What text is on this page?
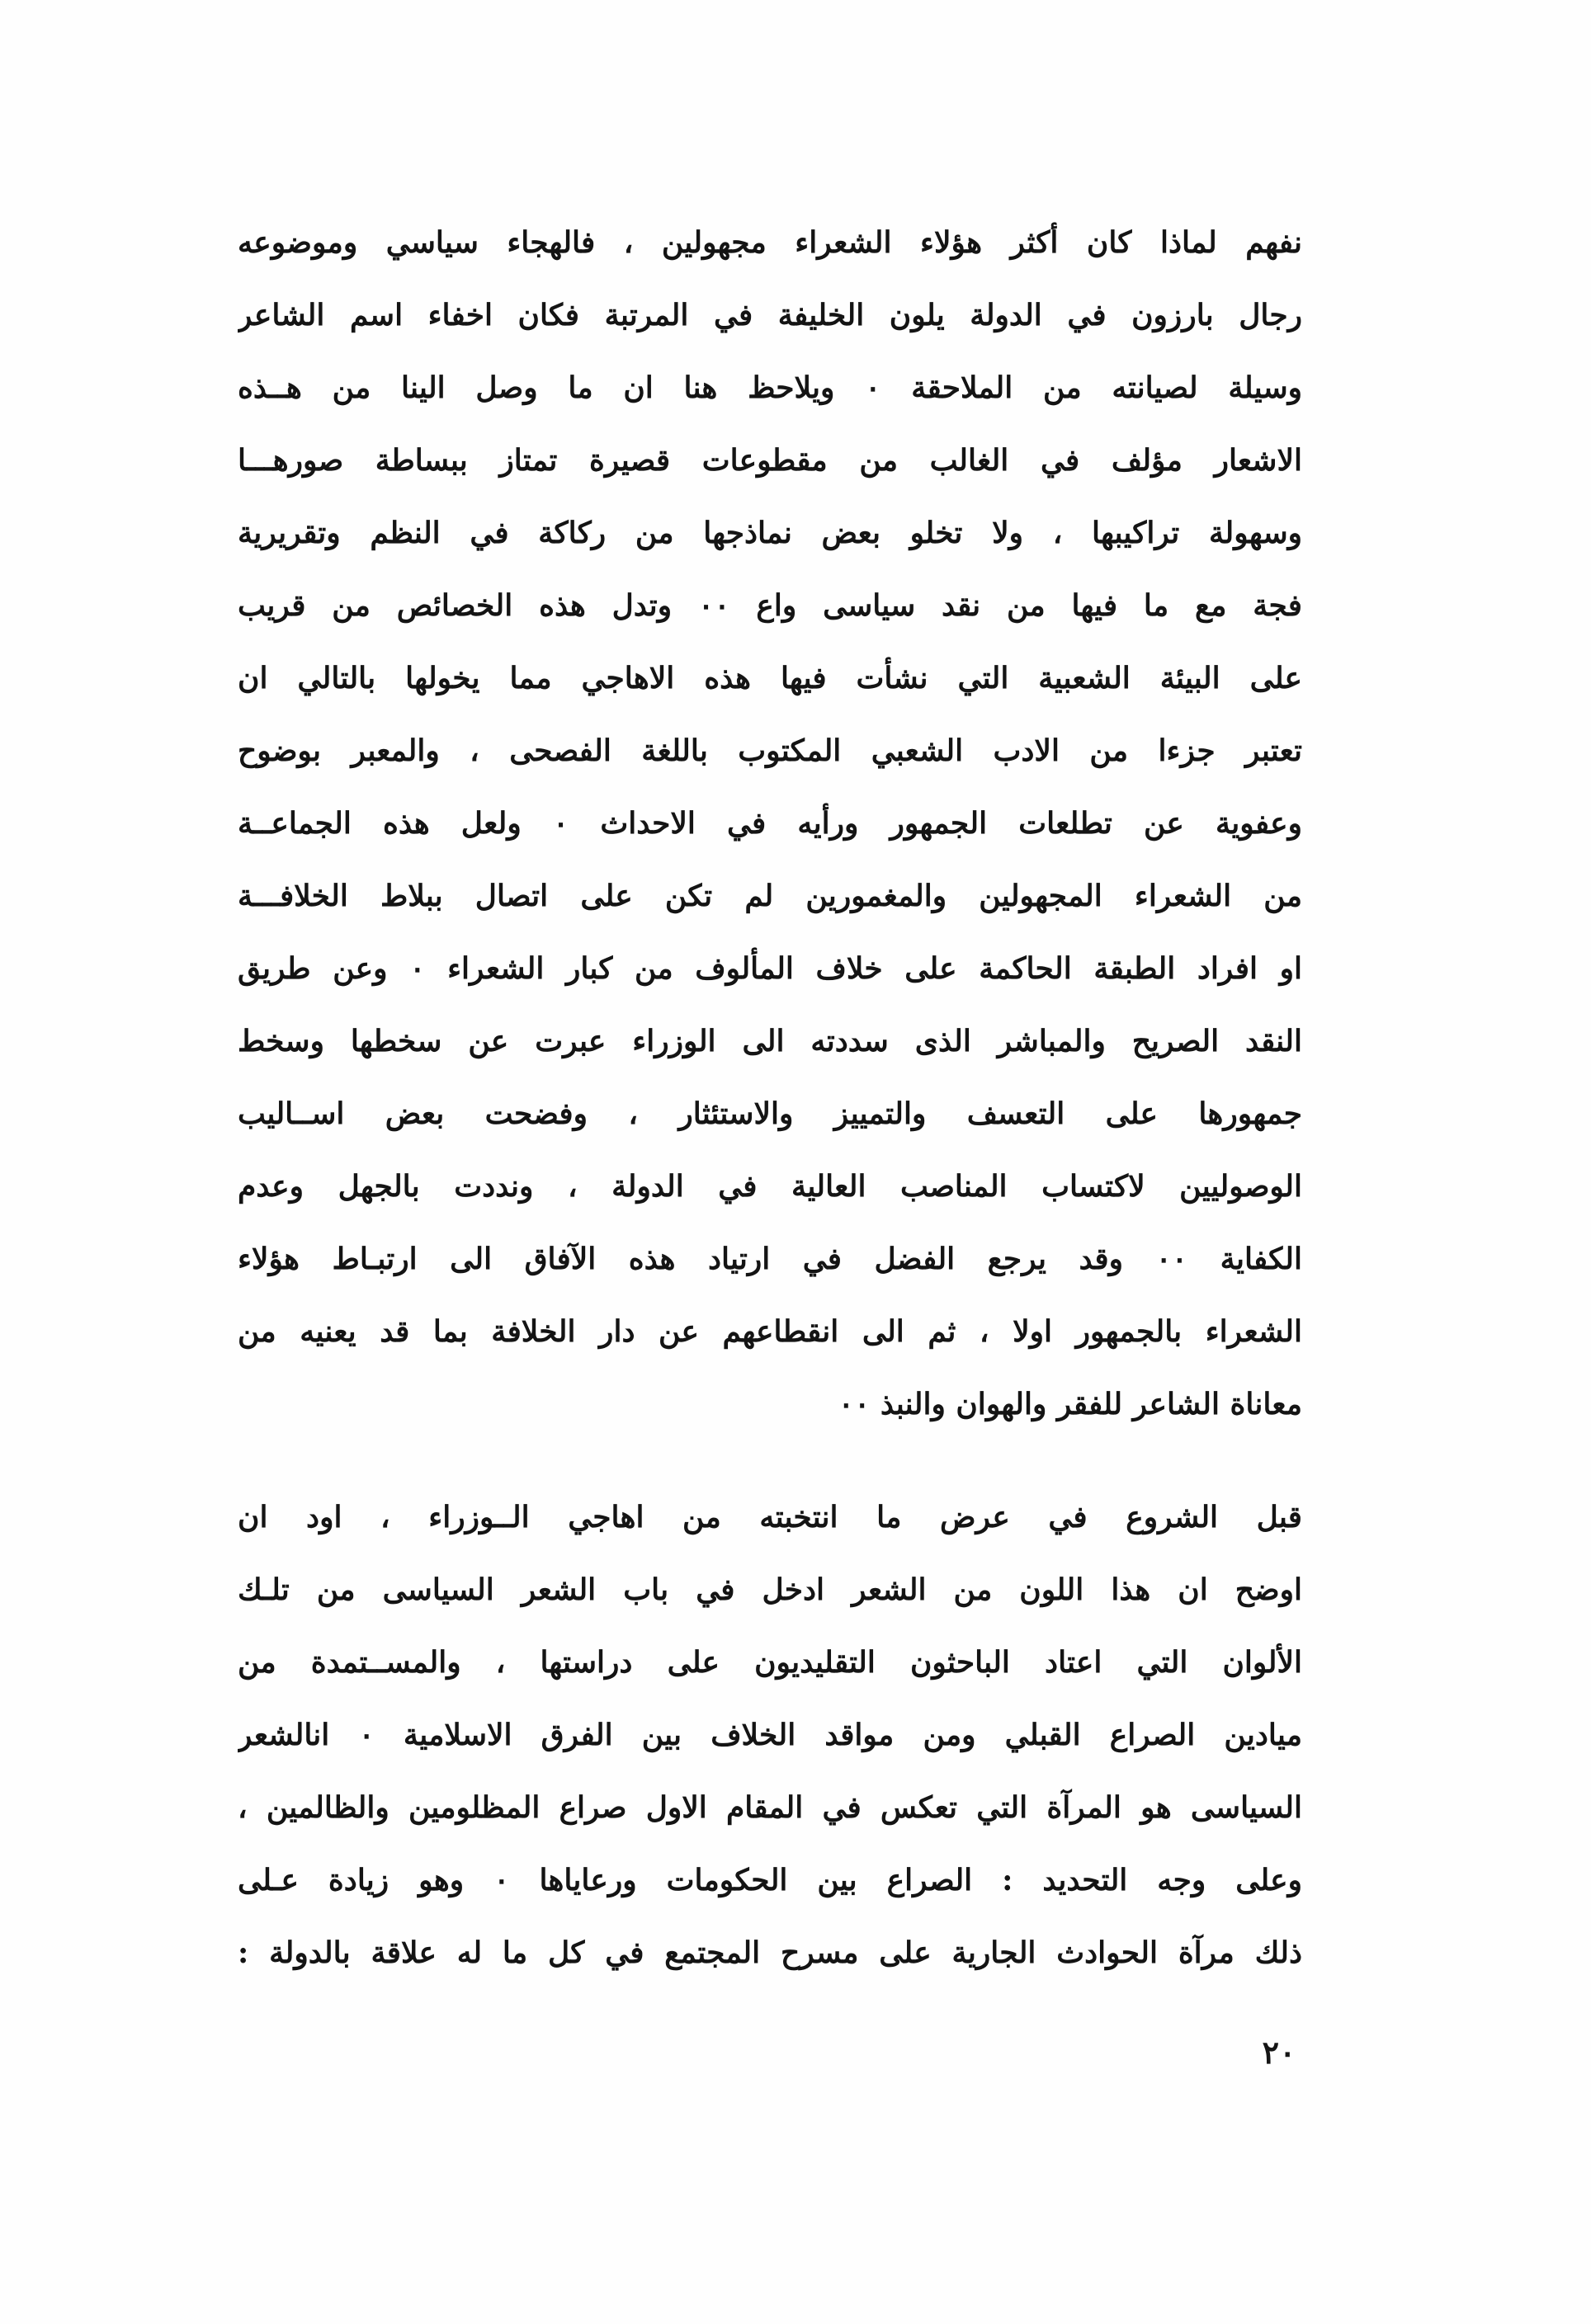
نفهم لماذا كان أكثر هؤلاء الشعراء مجهولين ، فالهجاء سياسي وموضوعه
رجال بارزون في الدولة يلون الخليفة في المرتبة فكان اخفاء اسم الشاعر
وسيلة لصيانته من الملاحقة ٠ ويلاحظ هنا ان ما وصل الينا من هــذه
الاشعار مؤلف في الغالب من مقطوعات قصيرة تمتاز ببساطة صورهـــا
وسهولة تراكيبها ، ولا تخلو بعض نماذجها من ركاكة في النظم وتقريرية
فجة مع ما فيها من نقد سياسى واع ٠٠ وتدل هذه الخصائص من قريب
على البيئة الشعبية التي نشأت فيها هذه الاهاجي مما يخولها بالتالي ان
تعتبر جزءا من الادب الشعبي المكتوب باللغة الفصحى ، والمعبر بوضوح
وعفوية عن تطلعات الجمهور ورأيه في الاحداث ٠ ولعل هذه الجماعــة
من الشعراء المجهولين والمغمورين لم تكن على اتصال ببلاط الخلافـــة
او افراد الطبقة الحاكمة على خلاف المألوف من كبار الشعراء ٠ وعن طريق
النقد الصريح والمباشر الذى سددته الى الوزراء عبرت عن سخطها وسخط
جمهورها على التعسف والتمييز والاستئثار ، وفضحت بعض اســاليب
الوصوليين لاكتساب المناصب العالية في الدولة ، ونددت بالجهل وعدم
الكفاية ٠٠ وقد يرجع الفضل في ارتياد هذه الآفاق الى ارتبـاط هؤلاء
الشعراء بالجمهور اولا ، ثم الى انقطاعهم عن دار الخلافة بما قد يعنيه من
معاناة الشاعر للفقر والهوان والنبذ ٠٠
قبل الشروع في عرض ما انتخبته من اهاجي الــوزراء ، اود ان
اوضح ان هذا اللون من الشعر ادخل في باب الشعر السياسى من تلـك
الألوان التي اعتاد الباحثون التقليديون على دراستها ، والمســتمدة من
ميادين الصراع القبلي ومن مواقد الخلاف بين الفرق الاسلامية ٠ انالشعر
السياسى هو المرآة التي تعكس في المقام الاول صراع المظلومين والظالمين ،
وعلى وجه التحديد : الصراع بين الحكومات ورعاياها ٠ وهو زيادة عـلى
ذلك مرآة الحوادث الجارية على مسرح المجتمع في كل ما له علاقة بالدولة :
٢٠
